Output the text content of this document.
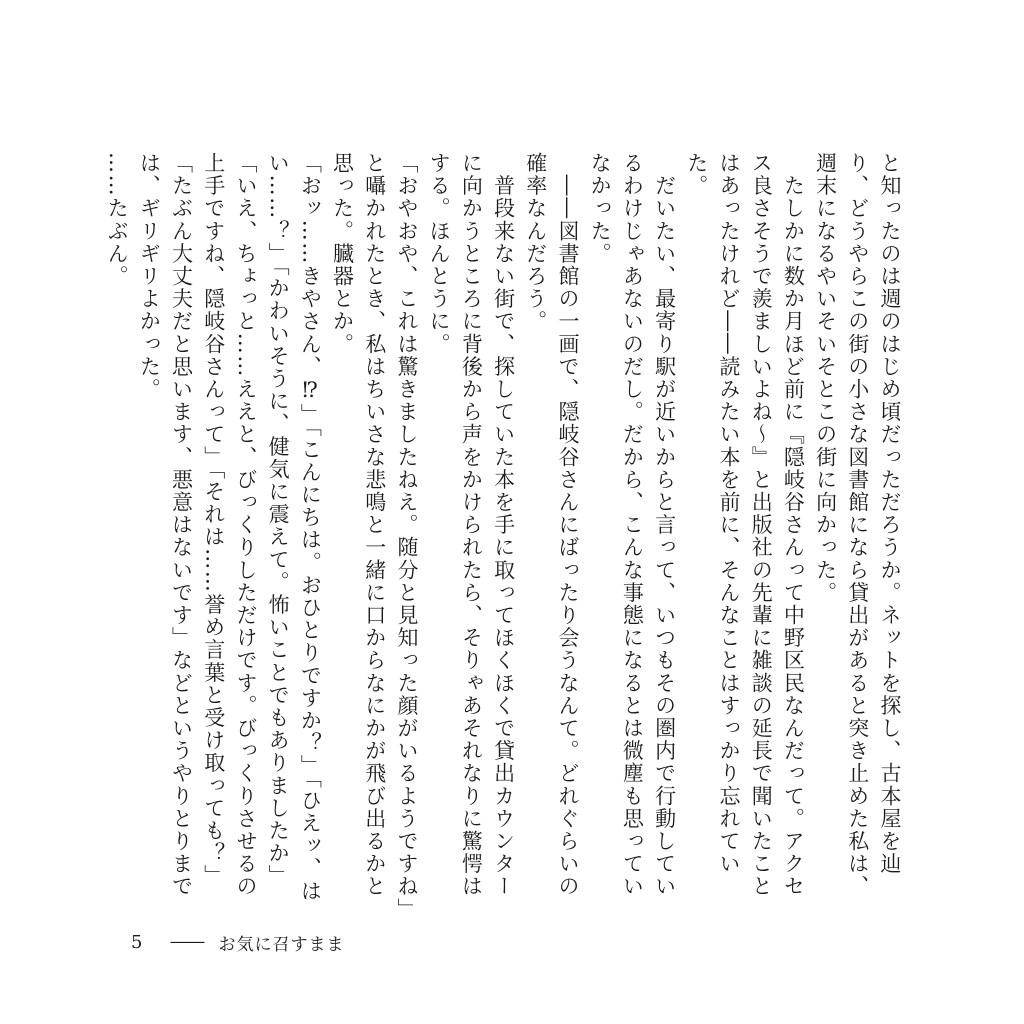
と知ったのは週のはじめ頃だっただろうか。ネットを探し、古本屋を辿り、どうやらこの街の小さな図書館になら貸出があると突き止めた私は、週末になるやいそいそとこの街に向かった。

　たしかに数か月ほど前に『隠岐谷さんって中野区民なんだって。アクセス良さそうで羨ましいよね〜』と出版社の先輩に雑談の延長で聞いたことはあったけれど――読みたい本を前に、そんなことはすっかり忘れていた。

　だいたい、最寄り駅が近いからと言って、いつもその圏内で行動しているわけじゃあないのだし。だから、こんな事態になるとは微塵も思っていなかった。

　――図書館の一画で、隠岐谷さんにばったり会うなんて。どれぐらいの確率なんだろう。

　普段来ない街で、探していた本を手に取ってほくほくで貸出カウンターに向かうところに背後から声をかけられたら、そりゃあそれなりに驚愕はする。ほんとうに。

「おやおや、これは驚きましたねえ。随分と見知った顔がいるようですね」と囁かれたとき、私はちいさな悲鳴と一緒に口からなにかが飛び出るかと思った。臓器とか。

「おッ……きやさん、⁉」「こんにちは。おひとりですか？」「ひえッ、はい……？」「かわいそうに、健気に震えて。怖いことでもありましたか」「いえ、ちょっと……ええと、びっくりしただけです。びっくりさせるの上手ですね、隠岐谷さんって」「それは……誉め言葉と受け取っても？」「たぶん大丈夫だと思います、悪意はないです」などというやりとりまでは、ギリギリよかった。

……たぶん。

5 ―― お気に召すまま
